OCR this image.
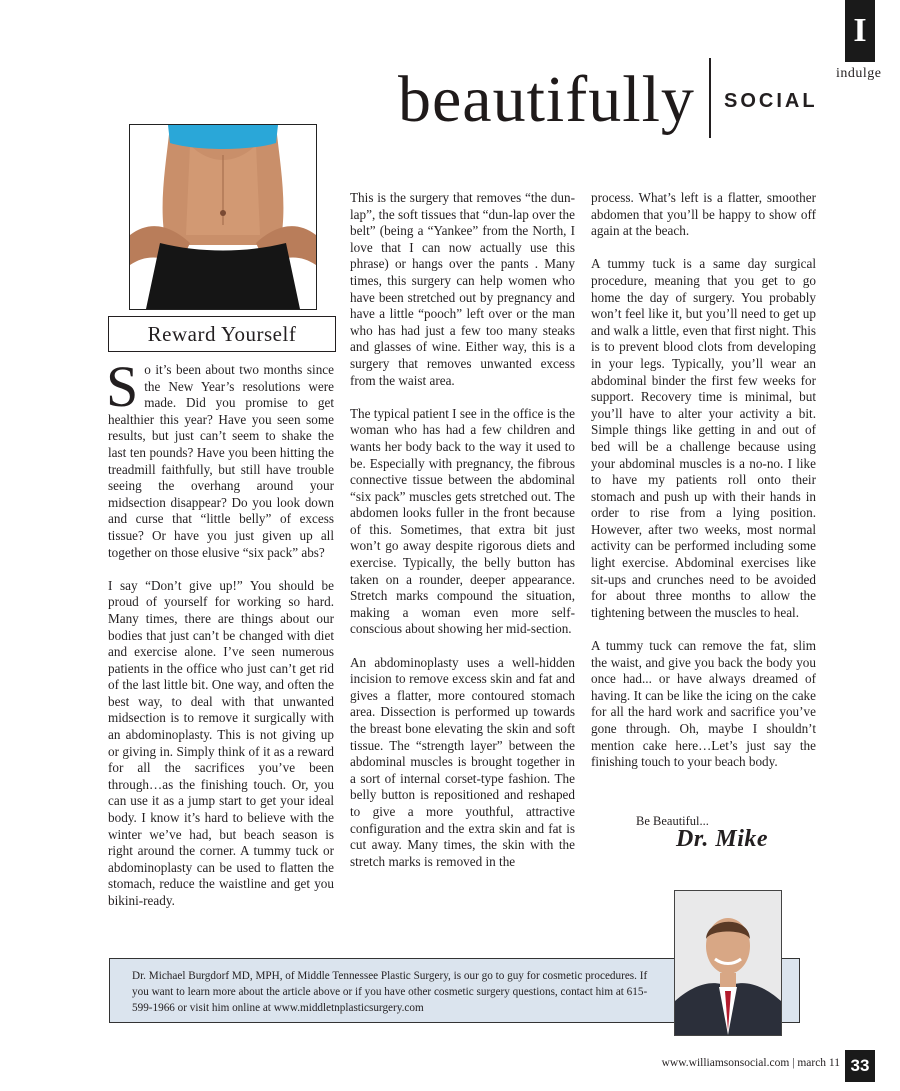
I
indulge
beautifully SOCIAL
Reward Yourself

So it’s been about two months since the New Year’s resolutions were made. Did you promise to get healthier this year? Have you seen some results, but just can’t seem to shake the last ten pounds? Have you been hitting the treadmill faithfully, but still have trouble seeing the overhang around your midsection disappear? Do you look down and curse that “little belly” of excess tissue? Or have you just given up all together on those elusive “six pack” abs?

I say “Don’t give up!” You should be proud of yourself for working so hard. Many times, there are things about our bodies that just can’t be changed with diet and exercise alone. I’ve seen numerous patients in the office who just can’t get rid of the last little bit. One way, and often the best way, to deal with that unwanted midsection is to remove it surgically with an abdominoplasty. This is not giving up or giving in. Simply think of it as a reward for all the sacrifices you’ve been through…as the finishing touch. Or, you can use it as a jump start to get your ideal body. I know it’s hard to believe with the winter we’ve had, but beach season is right around the corner. A tummy tuck or abdominoplasty can be used to flatten the stomach, reduce the waistline and get you bikini-ready.

This is the surgery that removes “the dun-lap”, the soft tissues that “dun-lap over the belt” (being a “Yankee” from the North, I love that I can now actually use this phrase) or hangs over the pants . Many times, this surgery can help women who have been stretched out by pregnancy and have a little “pooch” left over or the man who has had just a few too many steaks and glasses of wine. Either way, this is a surgery that removes unwanted excess from the waist area.

The typical patient I see in the office is the woman who has had a few children and wants her body back to the way it used to be. Especially with pregnancy, the fibrous connective tissue between the abdominal “six pack” muscles gets stretched out. The abdomen looks fuller in the front because of this. Sometimes, that extra bit just won’t go away despite rigorous diets and exercise. Typically, the belly button has taken on a rounder, deeper appearance. Stretch marks compound the situation, making a woman even more self-conscious about showing her mid-section.

An abdominoplasty uses a well-hidden incision to remove excess skin and fat and gives a flatter, more contoured stomach area. Dissection is performed up towards the breast bone elevating the skin and soft tissue. The “strength layer” between the abdominal muscles is brought together in a sort of internal corset-type fashion. The belly button is repositioned and reshaped to give a more youthful, attractive configuration and the extra skin and fat is cut away. Many times, the skin with the stretch marks is removed in the

process. What’s left is a flatter, smoother abdomen that you’ll be happy to show off again at the beach.

A tummy tuck is a same day surgical procedure, meaning that you get to go home the day of surgery. You probably won’t feel like it, but you’ll need to get up and walk a little, even that first night. This is to prevent blood clots from developing in your legs. Typically, you’ll wear an abdominal binder the first few weeks for support. Recovery time is minimal, but you’ll have to alter your activity a bit. Simple things like getting in and out of bed will be a challenge because using your abdominal muscles is a no-no. I like to have my patients roll onto their stomach and push up with their hands in order to rise from a lying position. However, after two weeks, most normal activity can be performed including some light exercise. Abdominal exercises like sit-ups and crunches need to be avoided for about three months to allow the tightening between the muscles to heal.

A tummy tuck can remove the fat, slim the waist, and give you back the body you once had... or have always dreamed of having. It can be like the icing on the cake for all the hard work and sacrifice you’ve gone through. Oh, maybe I shouldn’t mention cake here…Let’s just say the finishing touch to your beach body.

Be Beautiful...
Dr. Mike
Dr. Michael Burgdorf MD, MPH, of Middle Tennessee Plastic Surgery, is our go to guy for cosmetic procedures. If you want to learn more about the article above or if you have other cosmetic surgery questions, contact him at 615-599-1966 or visit him online at www.middletnplasticsurgery.com
www.williamsonsocial.com | march 11 33
